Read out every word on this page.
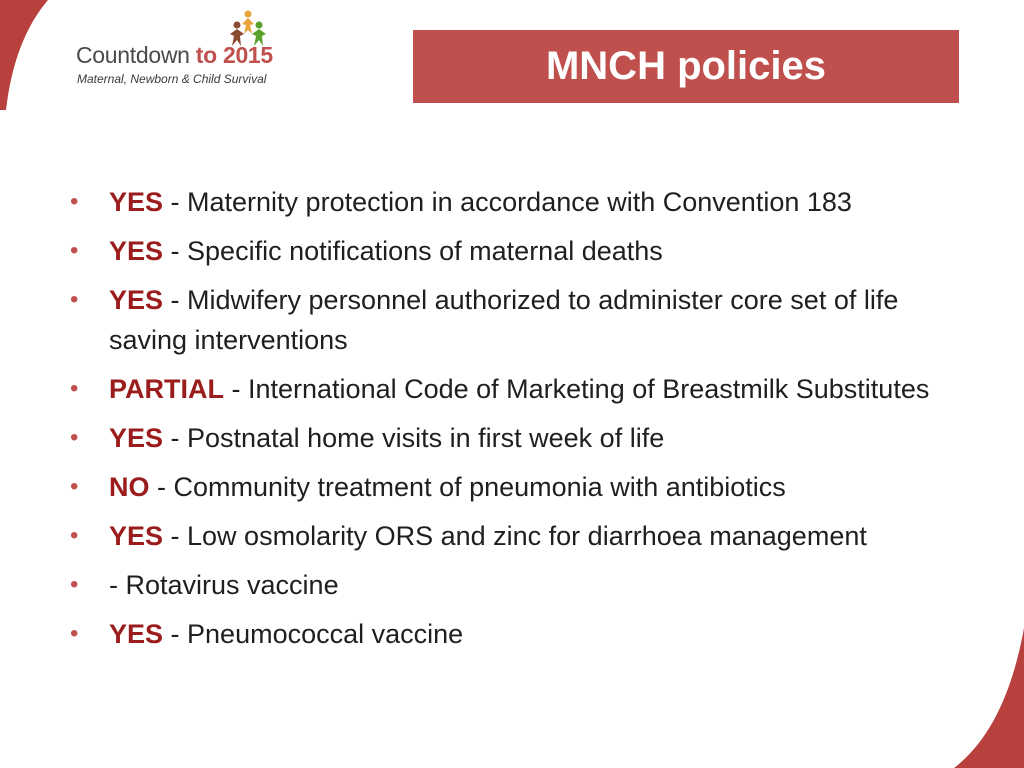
Countdown to 2015
Maternal, Newborn & Child Survival	MNCH policies
• YES - Maternity protection in accordance with Convention 183
• YES - Specific notifications of maternal deaths
• YES - Midwifery personnel authorized to administer core set of life saving interventions
• PARTIAL - International Code of Marketing of Breastmilk Substitutes
• YES - Postnatal home visits in first week of life
• NO - Community treatment of pneumonia with antibiotics
• YES - Low osmolarity ORS and zinc for diarrhoea management
• - Rotavirus vaccine
• YES - Pneumococcal vaccine
